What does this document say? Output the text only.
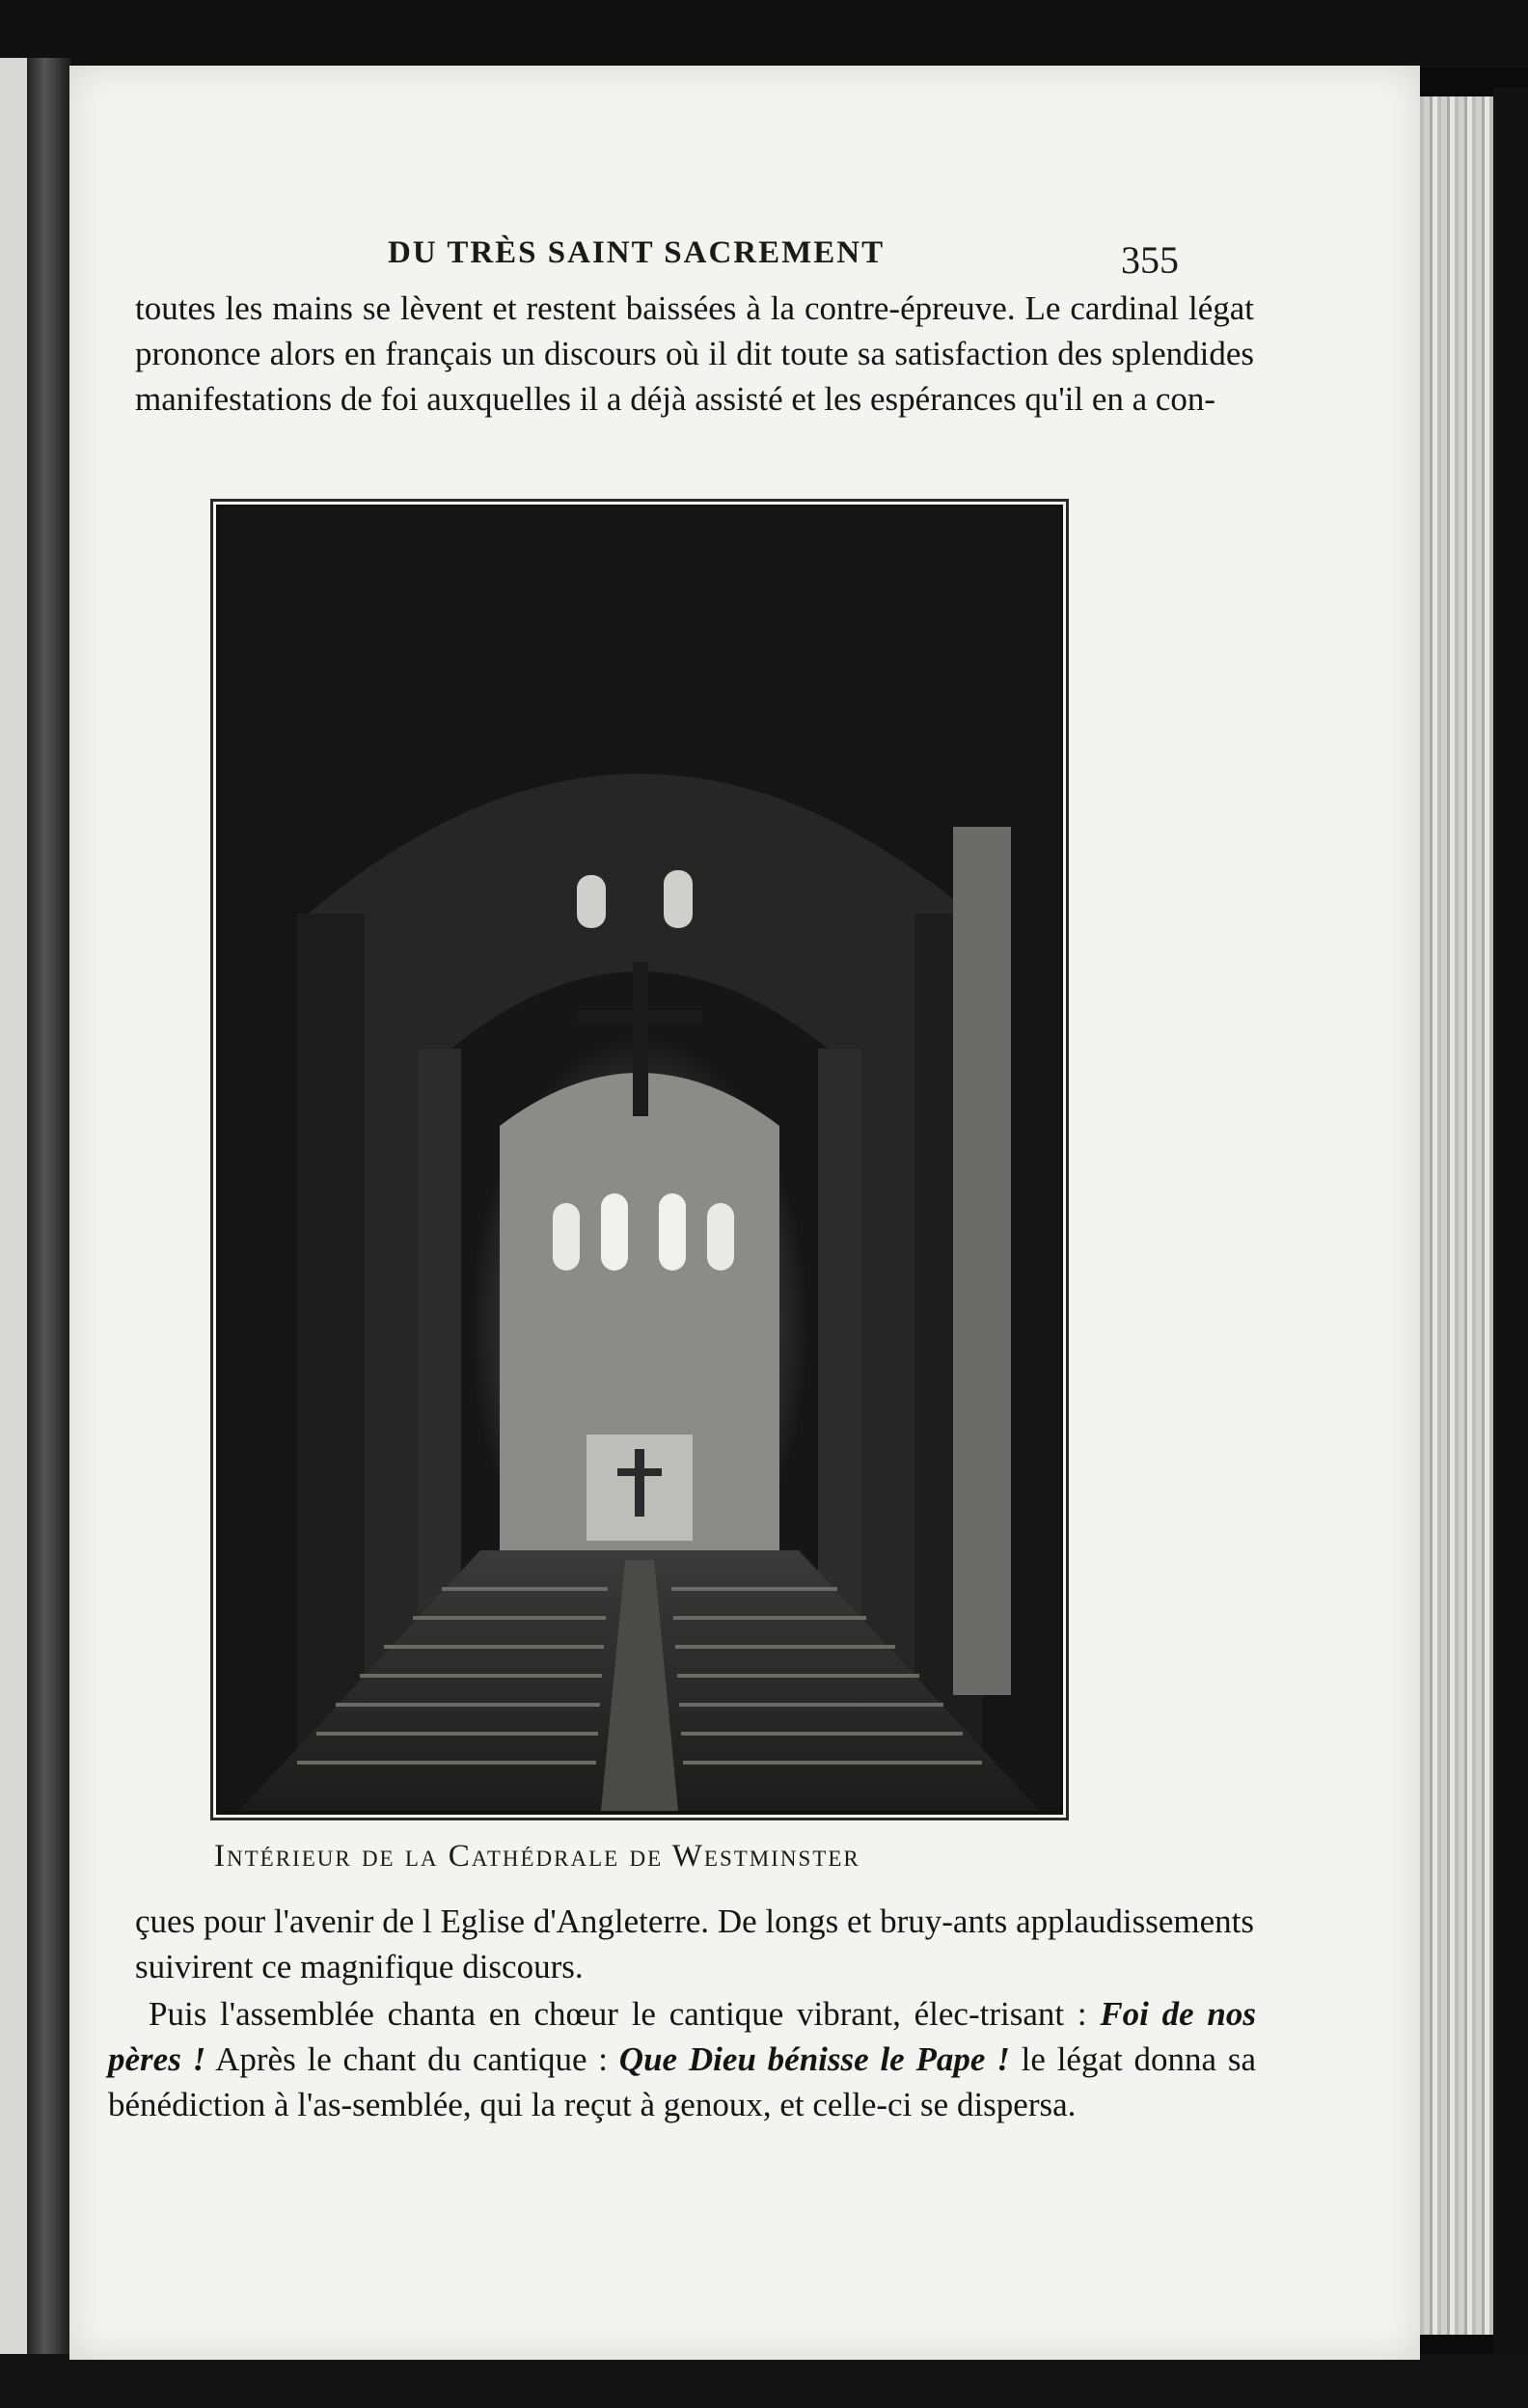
DU TRÈS SAINT SACREMENT	355

toutes les mains se lèvent et restent baissées à la contre-épreuve. Le cardinal légat prononce alors en français un discours où il dit toute sa satisfaction des splendides manifestations de foi auxquelles il a déjà assisté et les espérances qu'il en a con-

Intérieur de la Cathédrale de Westminster

çues pour l'avenir de l Eglise d'Angleterre. De longs et bruy-ants applaudissements suivirent ce magnifique discours.

Puis l'assemblée chanta en chœur le cantique vibrant, élec-trisant : Foi de nos pères ! Après le chant du cantique : Que Dieu bénisse le Pape ! le légat donna sa bénédiction à l'as-semblée, qui la reçut à genoux, et celle-ci se dispersa.
